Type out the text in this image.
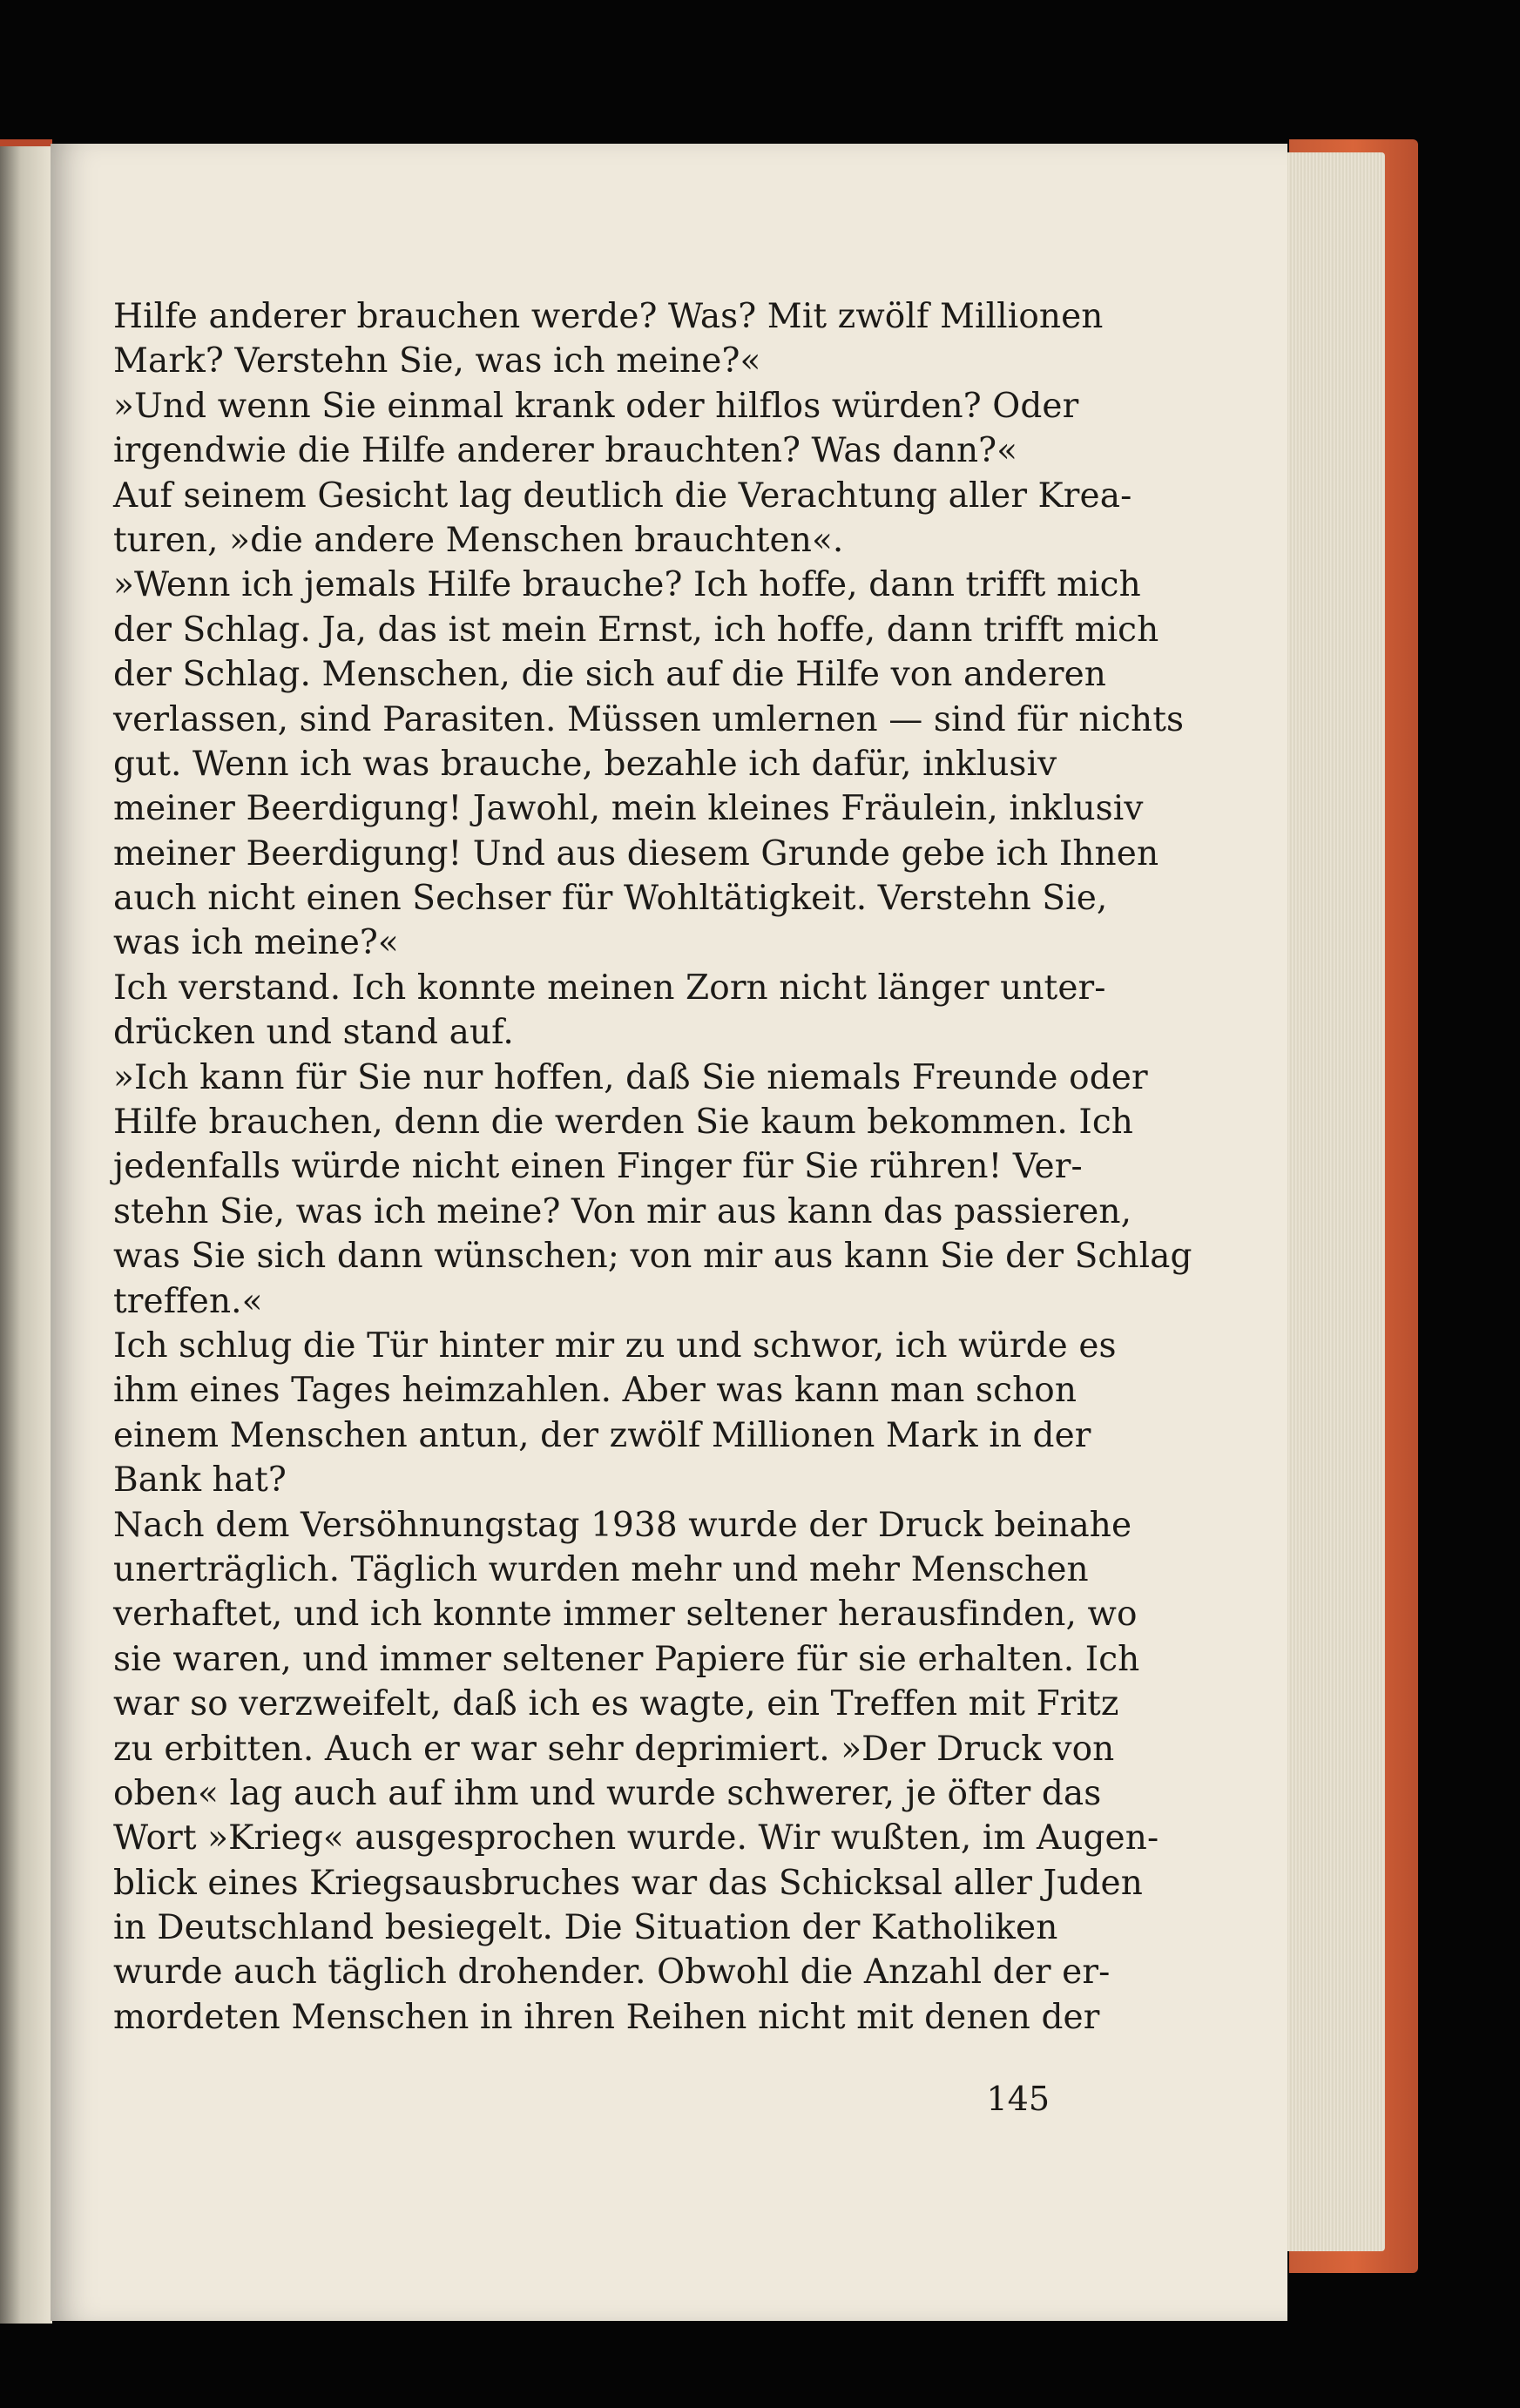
Hilfe anderer brauchen werde? Was? Mit zwölf Millionen
Mark? Verstehn Sie, was ich meine?«
»Und wenn Sie einmal krank oder hilflos würden? Oder
irgendwie die Hilfe anderer brauchten? Was dann?«
Auf seinem Gesicht lag deutlich die Verachtung aller Krea-
turen, »die andere Menschen brauchten«.
»Wenn ich jemals Hilfe brauche? Ich hoffe, dann trifft mich
der Schlag. Ja, das ist mein Ernst, ich hoffe, dann trifft mich
der Schlag. Menschen, die sich auf die Hilfe von anderen
verlassen, sind Parasiten. Müssen umlernen — sind für nichts
gut. Wenn ich was brauche, bezahle ich dafür, inklusiv
meiner Beerdigung! Jawohl, mein kleines Fräulein, inklusiv
meiner Beerdigung! Und aus diesem Grunde gebe ich Ihnen
auch nicht einen Sechser für Wohltätigkeit. Verstehn Sie,
was ich meine?«
Ich verstand. Ich konnte meinen Zorn nicht länger unter-
drücken und stand auf.
»Ich kann für Sie nur hoffen, daß Sie niemals Freunde oder
Hilfe brauchen, denn die werden Sie kaum bekommen. Ich
jedenfalls würde nicht einen Finger für Sie rühren! Ver-
stehn Sie, was ich meine? Von mir aus kann das passieren,
was Sie sich dann wünschen; von mir aus kann Sie der Schlag
treffen.«
Ich schlug die Tür hinter mir zu und schwor, ich würde es
ihm eines Tages heimzahlen. Aber was kann man schon
einem Menschen antun, der zwölf Millionen Mark in der
Bank hat?
Nach dem Versöhnungstag 1938 wurde der Druck beinahe
unerträglich. Täglich wurden mehr und mehr Menschen
verhaftet, und ich konnte immer seltener herausfinden, wo
sie waren, und immer seltener Papiere für sie erhalten. Ich
war so verzweifelt, daß ich es wagte, ein Treffen mit Fritz
zu erbitten. Auch er war sehr deprimiert. »Der Druck von
oben« lag auch auf ihm und wurde schwerer, je öfter das
Wort »Krieg« ausgesprochen wurde. Wir wußten, im Augen-
blick eines Kriegsausbruches war das Schicksal aller Juden
in Deutschland besiegelt. Die Situation der Katholiken
wurde auch täglich drohender. Obwohl die Anzahl der er-
mordeten Menschen in ihren Reihen nicht mit denen der
145
